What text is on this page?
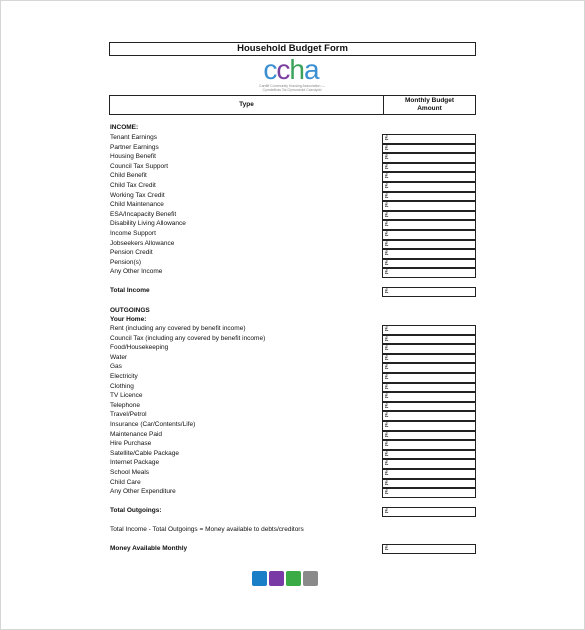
Household Budget Form
ccha
Cardiff Community Housing Association — Cymdeithas Tai Gymunedol Caerdydd
Type
Monthly Budget
Amount
INCOME:
Tenant Earnings	£
Partner Earnings	£
Housing Benefit	£
Council Tax Support	£
Child Benefit	£
Child Tax Credit	£
Working Tax Credit	£
Child Maintenance	£
ESA/Incapacity Benefit	£
Disability Living Allowance	£
Income Support	£
Jobseekers Allowance	£
Pension Credit	£
Pension(s)	£
Any Other Income	£
Total Income	£
OUTGOINGS
Your Home:
Rent (including any covered by benefit income)	£
Council Tax (including any covered by benefit income)	£
Food/Housekeeping	£
Water	£
Gas	£
Electricity	£
Clothing	£
TV Licence	£
Telephone	£
Travel/Petrol	£
Insurance (Car/Contents/Life)	£
Maintenance Paid	£
Hire Purchase	£
Satellite/Cable Package	£
Internet Package	£
School Meals	£
Child Care	£
Any Other Expenditure	£
Total Outgoings:	£
Total Income - Total Outgoings = Money available to debts/creditors
Money Available Monthly	£
